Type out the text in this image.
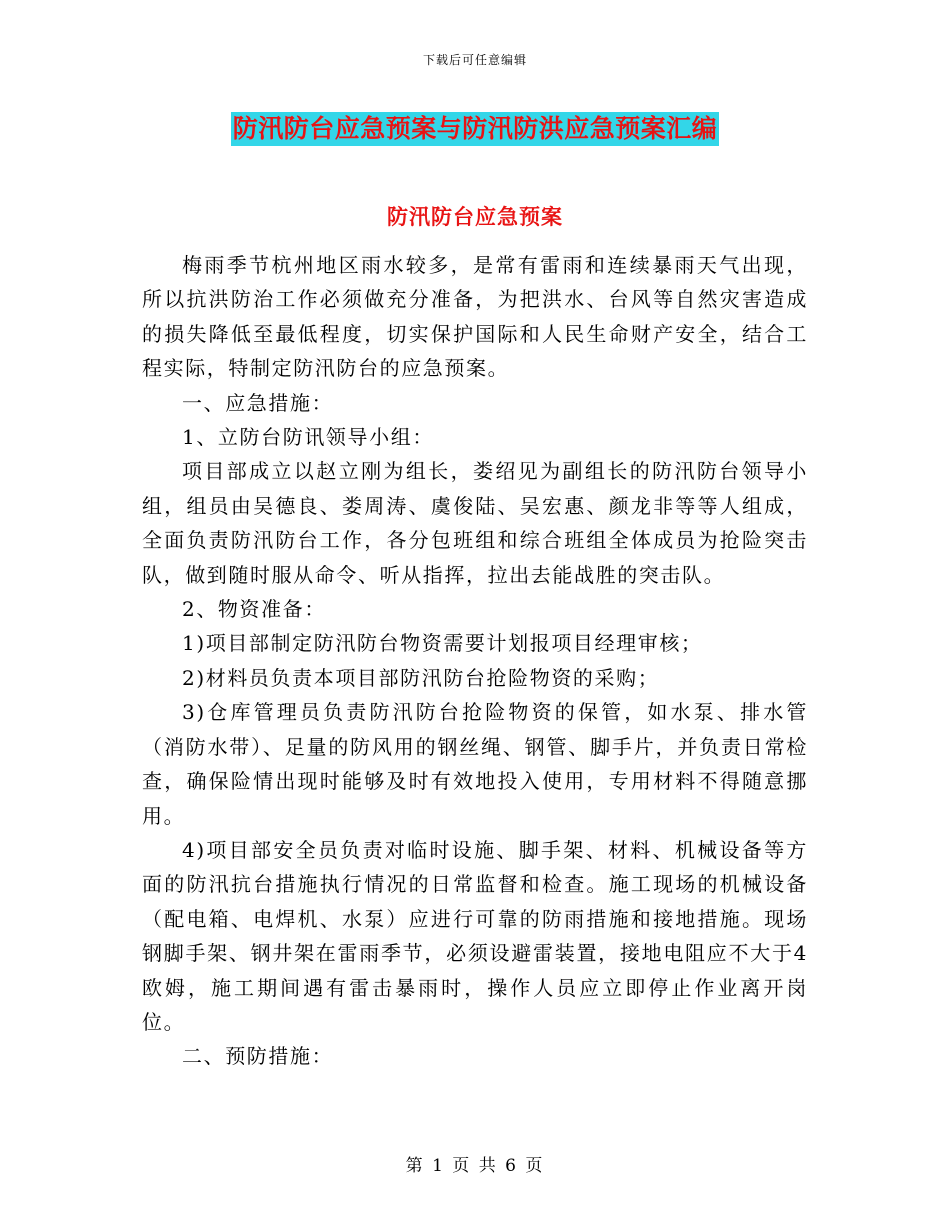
下载后可任意编辑
防汛防台应急预案与防汛防洪应急预案汇编
防汛防台应急预案

梅雨季节杭州地区雨水较多，是常有雷雨和连续暴雨天气出现，所以抗洪防治工作必须做充分准备，为把洪水、台风等自然灾害造成的损失降低至最低程度，切实保护国际和人民生命财产安全，结合工程实际，特制定防汛防台的应急预案。

一、应急措施：

1、立防台防讯领导小组：

项目部成立以赵立刚为组长，娄绍见为副组长的防汛防台领导小组，组员由吴德良、娄周涛、虞俊陆、吴宏惠、颜龙非等等人组成，全面负责防汛防台工作，各分包班组和综合班组全体成员为抢险突击队，做到随时服从命令、听从指挥，拉出去能战胜的突击队。

2、物资准备：

1)项目部制定防汛防台物资需要计划报项目经理审核；

2)材料员负责本项目部防汛防台抢险物资的采购；

3)仓库管理员负责防汛防台抢险物资的保管，如水泵、排水管（消防水带）、足量的防风用的钢丝绳、钢管、脚手片，并负责日常检查，确保险情出现时能够及时有效地投入使用，专用材料不得随意挪用。

4)项目部安全员负责对临时设施、脚手架、材料、机械设备等方面的防汛抗台措施执行情况的日常监督和检查。施工现场的机械设备（配电箱、电焊机、水泵）应进行可靠的防雨措施和接地措施。现场钢脚手架、钢井架在雷雨季节，必须设避雷装置，接地电阻应不大于4欧姆，施工期间遇有雷击暴雨时，操作人员应立即停止作业离开岗位。

二、预防措施：

第 1 页 共 6 页
